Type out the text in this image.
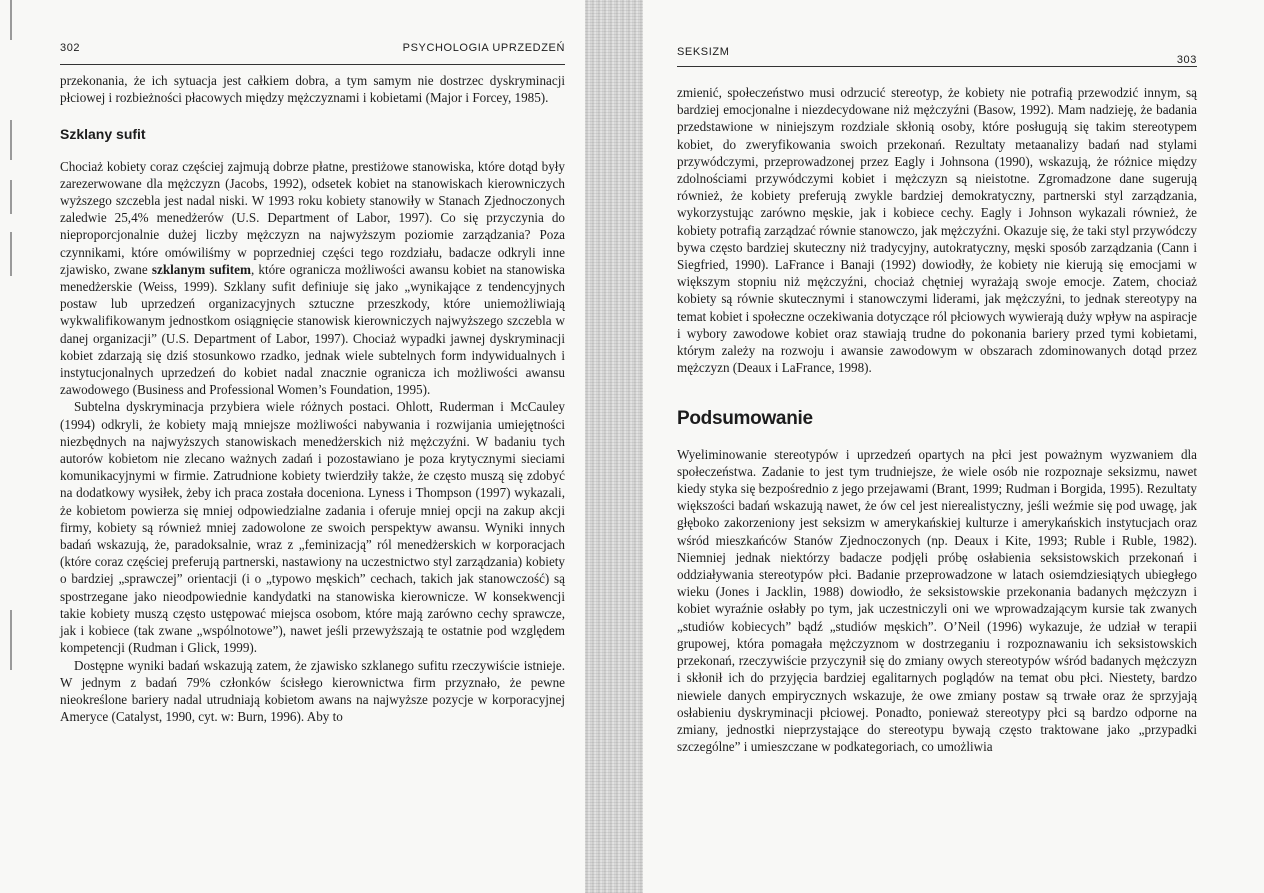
302	PSYCHOLOGIA UPRZEDZEŃ

przekonania, że ich sytuacja jest całkiem dobra, a tym samym nie dostrzec dyskryminacji płciowej i rozbieżności płacowych między mężczyznami i kobietami (Major i Forcey, 1985).

Szklany sufit

Chociaż kobiety coraz częściej zajmują dobrze płatne, prestiżowe stanowiska, które dotąd były zarezerwowane dla mężczyzn (Jacobs, 1992), odsetek kobiet na stanowiskach kierowniczych wyższego szczebla jest nadal niski. W 1993 roku kobiety stanowiły w Stanach Zjednoczonych zaledwie 25,4% menedżerów (U.S. Department of Labor, 1997). Co się przyczynia do nieproporcjonalnie dużej liczby mężczyzn na najwyższym poziomie zarządzania? Poza czynnikami, które omówiliśmy w poprzedniej części tego rozdziału, badacze odkryli inne zjawisko, zwane szklanym sufitem, które ogranicza możliwości awansu kobiet na stanowiska menedżerskie (Weiss, 1999). Szklany sufit definiuje się jako „wynikające z tendencyjnych postaw lub uprzedzeń organizacyjnych sztuczne przeszkody, które uniemożliwiają wykwalifikowanym jednostkom osiągnięcie stanowisk kierowniczych najwyższego szczebla w danej organizacji” (U.S. Department of Labor, 1997). Chociaż wypadki jawnej dyskryminacji kobiet zdarzają się dziś stosunkowo rzadko, jednak wiele subtelnych form indywidualnych i instytucjonalnych uprzedzeń do kobiet nadal znacznie ogranicza ich możliwości awansu zawodowego (Business and Professional Women’s Foundation, 1995).

Subtelna dyskryminacja przybiera wiele różnych postaci. Ohlott, Ruderman i McCauley (1994) odkryli, że kobiety mają mniejsze możliwości nabywania i rozwijania umiejętności niezbędnych na najwyższych stanowiskach menedżerskich niż mężczyźni. W badaniu tych autorów kobietom nie zlecano ważnych zadań i pozostawiano je poza krytycznymi sieciami komunikacyjnymi w firmie. Zatrudnione kobiety twierdziły także, że często muszą się zdobyć na dodatkowy wysiłek, żeby ich praca została doceniona. Lyness i Thompson (1997) wykazali, że kobietom powierza się mniej odpowiedzialne zadania i oferuje mniej opcji na zakup akcji firmy, kobiety są również mniej zadowolone ze swoich perspektyw awansu. Wyniki innych badań wskazują, że, paradoksalnie, wraz z „feminizacją” ról menedżerskich w korporacjach (które coraz częściej preferują partnerski, nastawiony na uczestnictwo styl zarządzania) kobiety o bardziej „sprawczej” orientacji (i o „typowo męskich” cechach, takich jak stanowczość) są spostrzegane jako nieodpowiednie kandydatki na stanowiska kierownicze. W konsekwencji takie kobiety muszą często ustępować miejsca osobom, które mają zarówno cechy sprawcze, jak i kobiece (tak zwane „wspólnotowe”), nawet jeśli przewyższają te ostatnie pod względem kompetencji (Rudman i Glick, 1999).

Dostępne wyniki badań wskazują zatem, że zjawisko szklanego sufitu rzeczywiście istnieje. W jednym z badań 79% członków ścisłego kierownictwa firm przyznało, że pewne nieokreślone bariery nadal utrudniają kobietom awans na najwyższe pozycje w korporacyjnej Ameryce (Catalyst, 1990, cyt. w: Burn, 1996). Aby to

SEKSIZM
303

zmienić, społeczeństwo musi odrzucić stereotyp, że kobiety nie potrafią przewodzić innym, są bardziej emocjonalne i niezdecydowane niż mężczyźni (Basow, 1992). Mam nadzieję, że badania przedstawione w niniejszym rozdziale skłonią osoby, które posługują się takim stereotypem kobiet, do zweryfikowania swoich przekonań. Rezultaty metaanalizy badań nad stylami przywódczymi, przeprowadzonej przez Eagly i Johnsona (1990), wskazują, że różnice między zdolnościami przywódczymi kobiet i mężczyzn są nieistotne. Zgromadzone dane sugerują również, że kobiety preferują zwykle bardziej demokratyczny, partnerski styl zarządzania, wykorzystując zarówno męskie, jak i kobiece cechy. Eagly i Johnson wykazali również, że kobiety potrafią zarządzać równie stanowczo, jak mężczyźni. Okazuje się, że taki styl przywódczy bywa często bardziej skuteczny niż tradycyjny, autokratyczny, męski sposób zarządzania (Cann i Siegfried, 1990). LaFrance i Banaji (1992) dowiodły, że kobiety nie kierują się emocjami w większym stopniu niż mężczyźni, chociaż chętniej wyrażają swoje emocje. Zatem, chociaż kobiety są równie skutecznymi i stanowczymi liderami, jak mężczyźni, to jednak stereotypy na temat kobiet i społeczne oczekiwania dotyczące ról płciowych wywierają duży wpływ na aspiracje i wybory zawodowe kobiet oraz stawiają trudne do pokonania bariery przed tymi kobietami, którym zależy na rozwoju i awansie zawodowym w obszarach zdominowanych dotąd przez mężczyzn (Deaux i LaFrance, 1998).

Podsumowanie

Wyeliminowanie stereotypów i uprzedzeń opartych na płci jest poważnym wyzwaniem dla społeczeństwa. Zadanie to jest tym trudniejsze, że wiele osób nie rozpoznaje seksizmu, nawet kiedy styka się bezpośrednio z jego przejawami (Brant, 1999; Rudman i Borgida, 1995). Rezultaty większości badań wskazują nawet, że ów cel jest nierealistyczny, jeśli weźmie się pod uwagę, jak głęboko zakorzeniony jest seksizm w amerykańskiej kulturze i amerykańskich instytucjach oraz wśród mieszkańców Stanów Zjednoczonych (np. Deaux i Kite, 1993; Ruble i Ruble, 1982). Niemniej jednak niektórzy badacze podjęli próbę osłabienia seksistowskich przekonań i oddziaływania stereotypów płci. Badanie przeprowadzone w latach osiemdziesiątych ubiegłego wieku (Jones i Jacklin, 1988) dowiodło, że seksistowskie przekonania badanych mężczyzn i kobiet wyraźnie osłabły po tym, jak uczestniczyli oni we wprowadzającym kursie tak zwanych „studiów kobiecych” bądź „studiów męskich”. O’Neil (1996) wykazuje, że udział w terapii grupowej, która pomagała mężczyznom w dostrzeganiu i rozpoznawaniu ich seksistowskich przekonań, rzeczywiście przyczynił się do zmiany owych stereotypów wśród badanych mężczyzn i skłonił ich do przyjęcia bardziej egalitarnych poglądów na temat obu płci. Niestety, bardzo niewiele danych empirycznych wskazuje, że owe zmiany postaw są trwałe oraz że sprzyjają osłabieniu dyskryminacji płciowej. Ponadto, ponieważ stereotypy płci są bardzo odporne na zmiany, jednostki nieprzystające do stereotypu bywają często traktowane jako „przypadki szczególne” i umieszczane w podkategoriach, co umożliwia
